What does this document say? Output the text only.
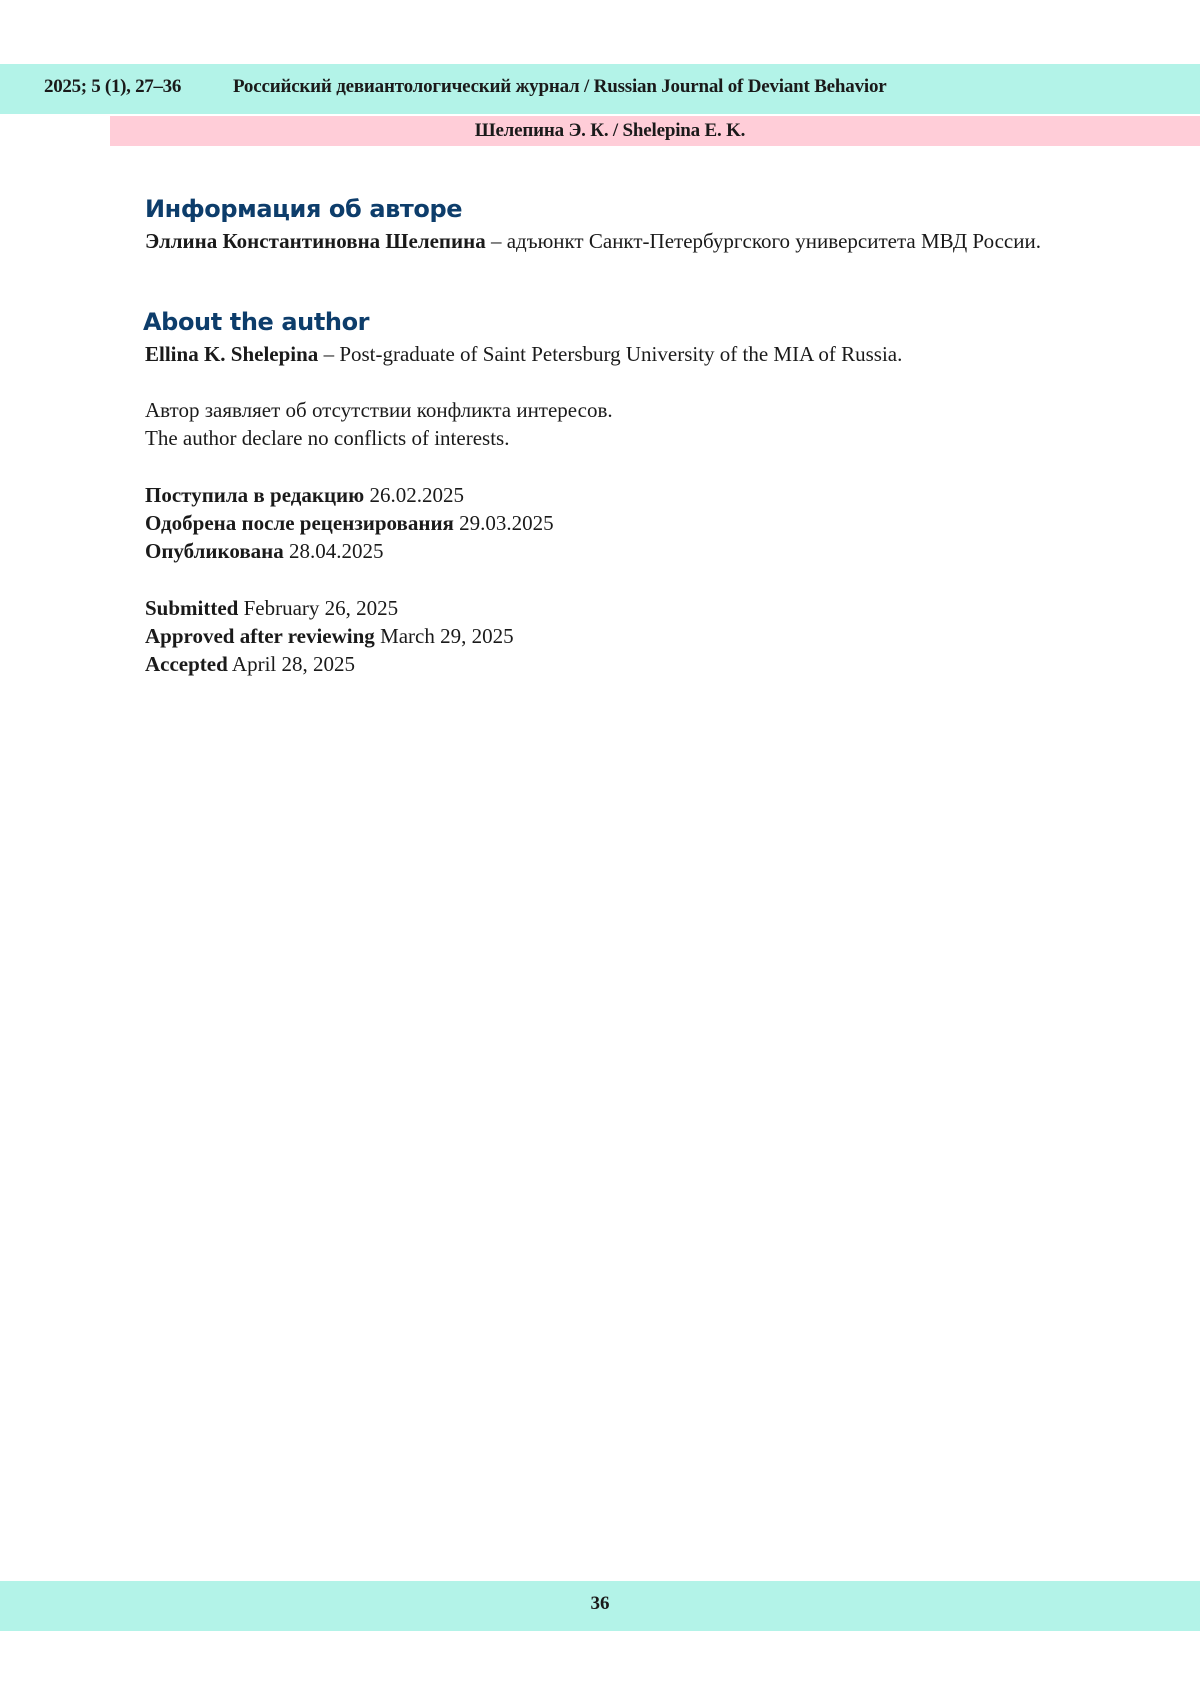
2025; 5 (1), 27–36	Российский девиантологический журнал / Russian Journal of Deviant Behavior
Шелепина Э. К. / Shelepina E. K.
Информация об авторе
Эллина Константиновна Шелепина – адъюнкт Санкт-Петербургского университета МВД России.
About the author
Ellina K. Shelepina – Post-graduate of Saint Petersburg University of the MIA of Russia.
Автор заявляет об отсутствии конфликта интересов.
The author declare no conflicts of interests.
Поступила в редакцию 26.02.2025
Одобрена после рецензирования 29.03.2025
Опубликована 28.04.2025
Submitted February 26, 2025
Approved after reviewing March 29, 2025
Accepted April 28, 2025
36
